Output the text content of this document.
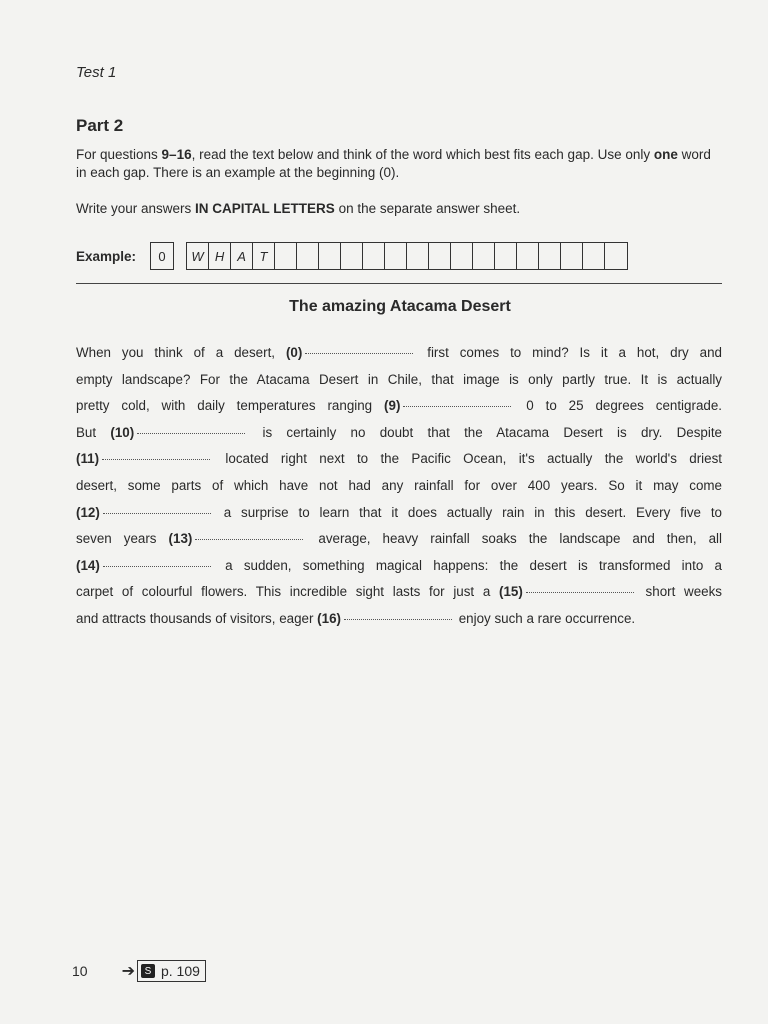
Test 1
Part 2
For questions 9–16, read the text below and think of the word which best fits each gap. Use only one word in each gap. There is an example at the beginning (0).
Write your answers IN CAPITAL LETTERS on the separate answer sheet.
Example:	0	W H A	T
The amazing Atacama Desert
When you think of a desert, (0)	first comes to mind? Is it a hot, dry and
empty landscape? For the Atacama Desert in Chile, that image is only partly true. It is actually
pretty cold, with daily temperatures ranging (9)	0 to 25 degrees centigrade.
But (10)	is certainly no doubt that the Atacama Desert is dry. Despite
(11)	located right next to the Pacific Ocean, it's actually the world's driest
desert, some parts of which have not had any rainfall for over 400 years. So it may come
(12)	a surprise to learn that it does actually rain in this desert. Every five to
seven years (13)	average, heavy rainfall soaks the landscape and then, all
(14)	a sudden, something magical happens: the desert is transformed into a
carpet of colourful flowers. This incredible sight lasts for just a (15)	short weeks
and attracts thousands of visitors, eager (16)	enjoy such a rare occurrence.
10 ➔ S p. 109
